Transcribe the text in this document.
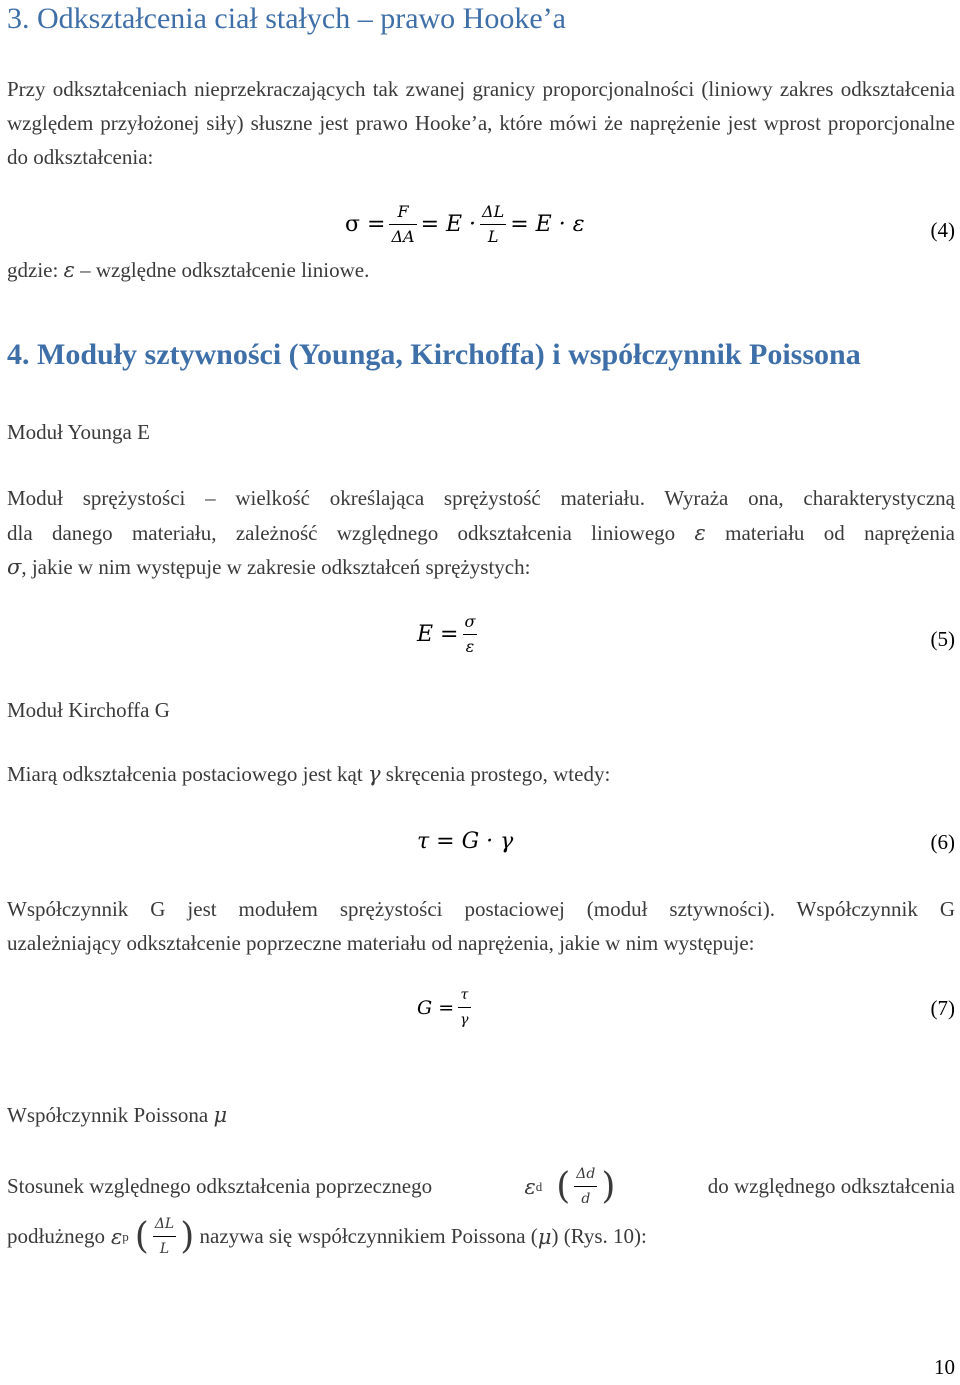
3. Odkształcenia ciał stałych – prawo Hooke’a
Przy odkształceniach nieprzekraczających tak zwanej granicy proporcjonalności (liniowy zakres odkształcenia względem przyłożonej siły) słuszne jest prawo Hooke’a, które mówi że naprężenie jest wprost proporcjonalne do odkształcenia:
$\sigma = \frac{F}{\Delta A} = E \cdot \frac{\Delta L}{L} = E \cdot \varepsilon$	(4)
gdzie: ε – względne odkształcenie liniowe.
4. Moduły sztywności (Younga, Kirchoffa) i współczynnik Poissona
Moduł Younga E
Moduł sprężystości – wielkość określająca sprężystość materiału. Wyraża ona, charakterystyczną
dla danego materiału, zależność względnego odkształcenia liniowego ε materiału od naprężenia
σ, jakie w nim występuje w zakresie odkształceń sprężystych:
$E = \frac{\sigma}{\varepsilon}$	(5)
Moduł Kirchoffa G
Miarą odkształcenia postaciowego jest kąt γ skręcenia prostego, wtedy:
τ = G · γ	(6)
Współczynnik G jest modułem sprężystości postaciowej (moduł sztywności). Współczynnik G
uzależniający odkształcenie poprzeczne materiału od naprężenia, jakie w nim występuje:
$G = \frac{\tau}{\gamma}$	(7)
Współczynnik Poissona μ
Stosunek względnego odkształcenia poprzecznego	ε d ( $\frac{\Delta d}{d}$ )	do względnego odkształcenia
podłużnego ε p ( $\frac{\Delta L}{L}$ ) nazywa się współczynnikiem Poissona ( μ ) (Rys. 10):
10
